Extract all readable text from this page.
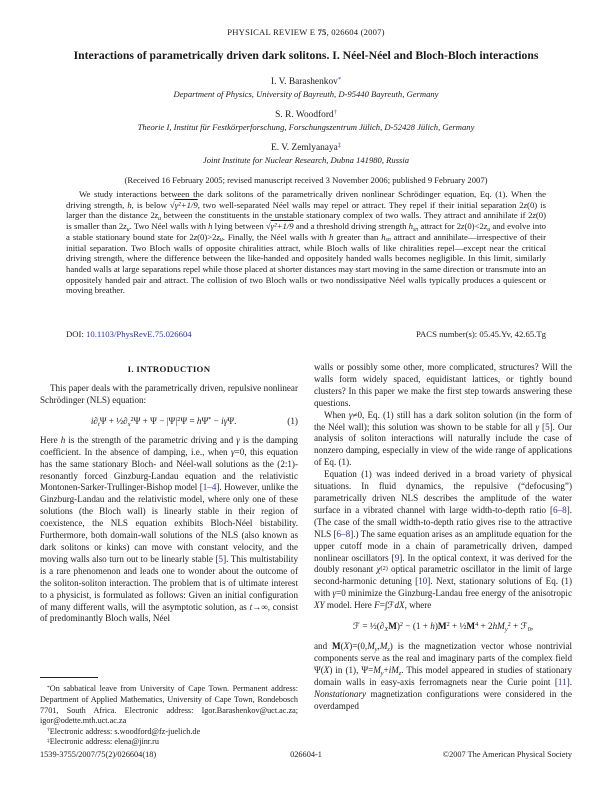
PHYSICAL REVIEW E 75, 026604 (2007)
Interactions of parametrically driven dark solitons. I. Néel-Néel and Bloch-Bloch interactions
I. V. Barashenkov*
Department of Physics, University of Bayreuth, D-95440 Bayreuth, Germany
S. R. Woodford†
Theorie I, Institut für Festkörperforschung, Forschungszentrum Jülich, D-52428 Jülich, Germany
E. V. Zemlyanaya‡
Joint Institute for Nuclear Research, Dubna 141980, Russia
(Received 16 February 2005; revised manuscript received 3 November 2006; published 9 February 2007)
We study interactions between the dark solitons of the parametrically driven nonlinear Schrödinger equation, Eq. (1). When the driving strength, h, is below √γ²+1/9, two well-separated Néel walls may repel or attract. They repel if their initial separation 2z(0) is larger than the distance 2zu between the constituents in the unstable stationary complex of two walls. They attract and annihilate if 2z(0) is smaller than 2zu. Two Néel walls with h lying between √γ²+1/9 and a threshold driving strength hsn attract for 2z(0)<2zu and evolve into a stable stationary bound state for 2z(0)>2zu. Finally, the Néel walls with h greater than hsn attract and annihilate—irrespective of their initial separation. Two Bloch walls of opposite chiralities attract, while Bloch walls of like chiralities repel—except near the critical driving strength, where the difference between the like-handed and oppositely handed walls becomes negligible. In this limit, similarly handed walls at large separations repel while those placed at shorter distances may start moving in the same direction or transmute into an oppositely handed pair and attract. The collision of two Bloch walls or two nondissipative Néel walls typically produces a quiescent or moving breather.
DOI: 10.1103/PhysRevE.75.026604	PACS number(s): 05.45.Yv, 42.65.Tg
I. INTRODUCTION

This paper deals with the parametrically driven, repulsive nonlinear Schrödinger (NLS) equation:

$i\partial t\Psi + \frac{1}{2}\partial x^2\Psi + \Psi - |\Psi|^2\Psi = h\Psi^* - i\gamma\Psi$.	(1)

Here h is the strength of the parametric driving and γ is the damping coefficient. In the absence of damping, i.e., when γ=0, this equation has the same stationary Bloch- and Néel-wall solutions as the (2:1)-resonantly forced Ginzburg-Landau equation and the relativistic Montonen-Sarker-Trullinger-Bishop model [1–4]. However, unlike the Ginzburg-Landau and the relativistic model, where only one of these solutions (the Bloch wall) is linearly stable in their region of coexistence, the NLS equation exhibits Bloch-Néel bistability. Furthermore, both domain-wall solutions of the NLS (also known as dark solitons or kinks) can move with constant velocity, and the moving walls also turn out to be linearly stable [5]. This multistability is a rare phenomenon and leads one to wonder about the outcome of the soliton-soliton interaction. The problem that is of ultimate interest to a physicist, is formulated as follows: Given an initial configuration of many different walls, will the asymptotic solution, as t→∞, consist of predominantly Bloch walls, Néel

*On sabbatical leave from University of Cape Town. Permanent address: Department of Applied Mathematics, University of Cape Town, Rondebosch 7701, South Africa. Electronic address: Igor.Barashenkov@uct.ac.za; igor@odette.mth.uct.ac.za

†Electronic address: s.woodford@fz-juelich.de

‡Electronic address: elena@jinr.ru

walls or possibly some other, more complicated, structures? Will the walls form widely spaced, equidistant lattices, or tightly bound clusters? In this paper we make the first step towards answering these questions.

When γ≠0, Eq. (1) still has a dark soliton solution (in the form of the Néel wall); this solution was shown to be stable for all γ [5]. Our analysis of soliton interactions will naturally include the case of nonzero damping, especially in view of the wide range of applications of Eq. (1).

Equation (1) was indeed derived in a broad variety of physical situations. In fluid dynamics, the repulsive (“defocusing”) parametrically driven NLS describes the amplitude of the water surface in a vibrated channel with large width-to-depth ratio [6–8]. (The case of the small width-to-depth ratio gives rise to the attractive NLS [6–8].) The same equation arises as an amplitude equation for the upper cutoff mode in a chain of parametrically driven, damped nonlinear oscillators [9]. In the optical context, it was derived for the doubly resonant $\chi^{(2)}$ optical parametric oscillator in the limit of large second-harmonic detuning [10]. Next, stationary solutions of Eq. (1) with γ=0 minimize the Ginzburg-Landau free energy of the anisotropic XY model. Here F=∫ℱdX, where

ℱ = $\frac{1}{2}(\partial XM)^2 - (1 + h)M^2$ + $\frac{1}{2}M^4 + 2hMy^2$ + ℱ0,

and M(X)=(0,My,Mz) is the magnetization vector whose nontrivial components serve as the real and imaginary parts of the complex field Ψ(X) in (1), Ψ=My+iMz. This model appeared in studies of stationary domain walls in easy-axis ferromagnets near the Curie point [11]. Nonstationary magnetization configurations were considered in the overdamped

1539-3755/2007/75(2)/026604(18)	026604-1	©2007 The American Physical Society
